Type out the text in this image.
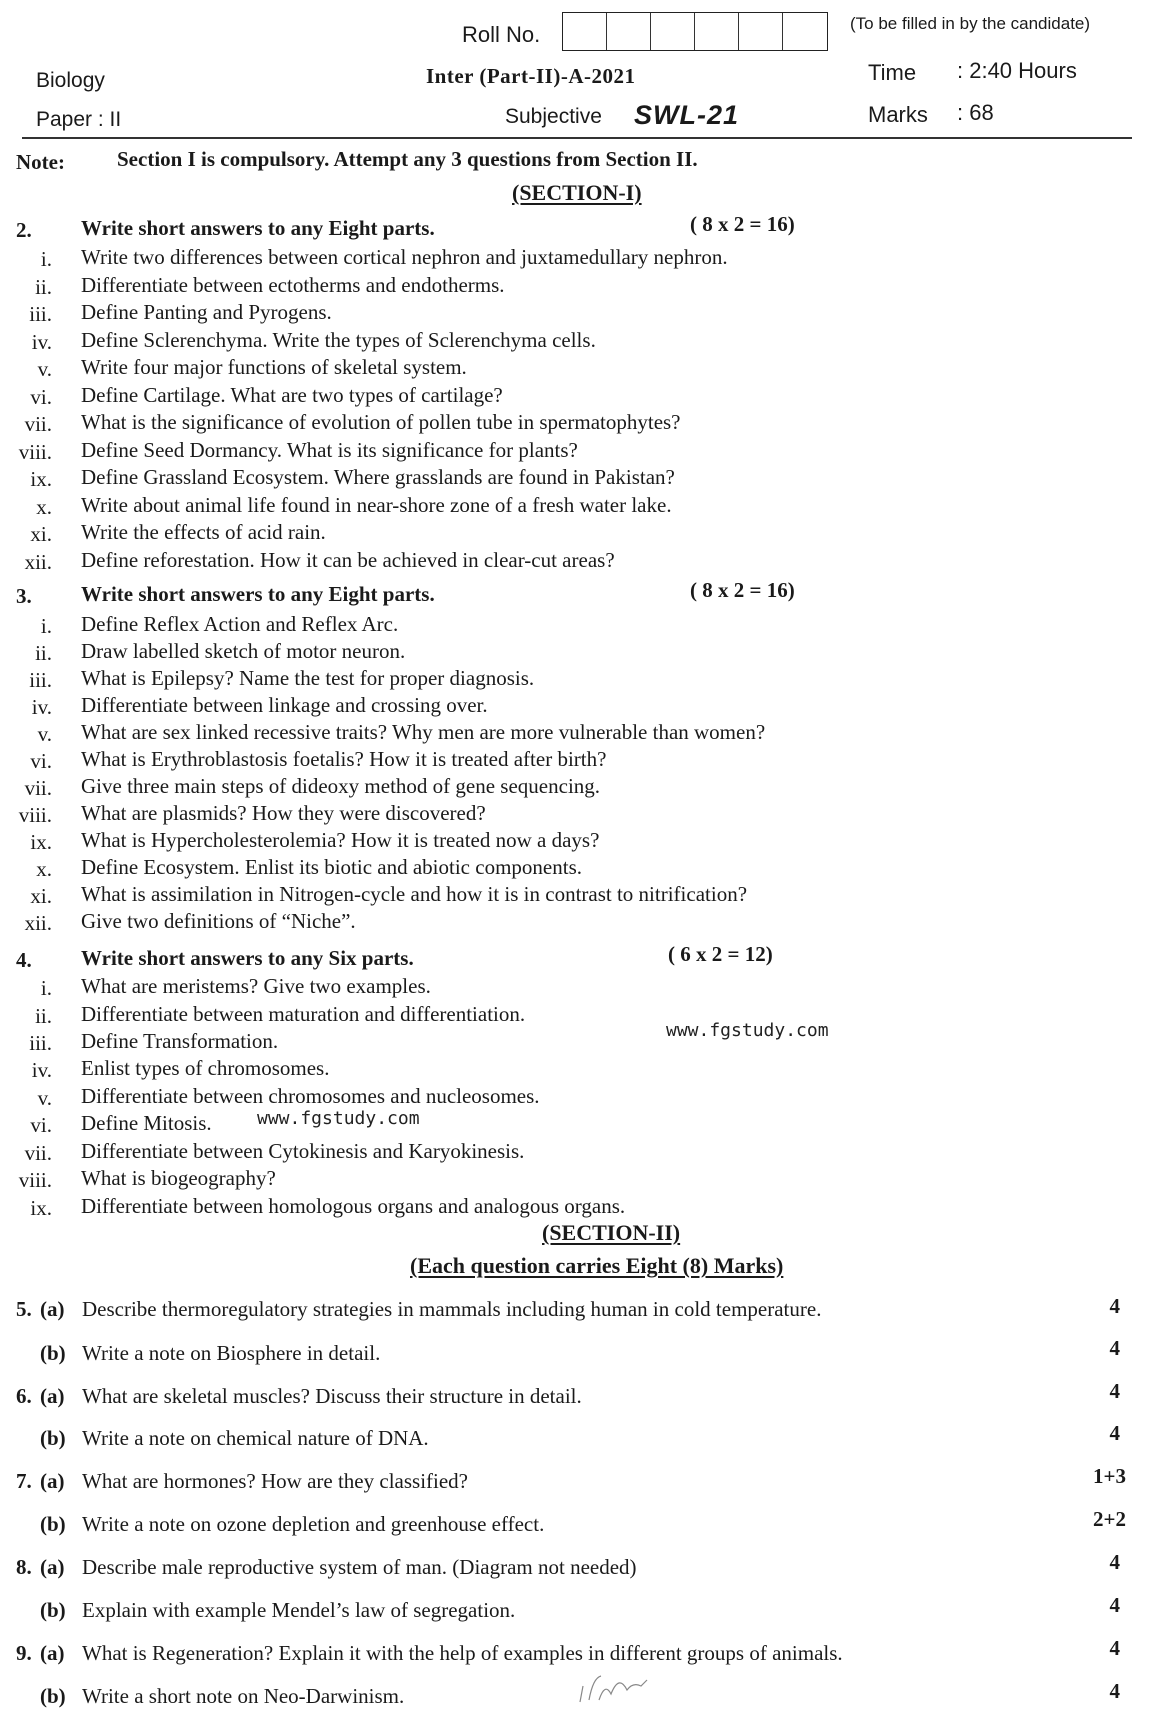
Roll No.	(To be filled in by the candidate)
Biology
Paper : II
Inter (Part-II)-A-2021
Subjective SWL-21
Time : 2:40 Hours
Marks : 68
Note: Section I is compulsory. Attempt any 3 questions from Section II.
(SECTION-I)
2. Write short answers to any Eight parts.	( 8 x 2 = 16)
i. Write two differences between cortical nephron and juxtamedullary nephron.
ii. Differentiate between ectotherms and endotherms.
iii. Define Panting and Pyrogens.
iv. Define Sclerenchyma. Write the types of Sclerenchyma cells.
v. Write four major functions of skeletal system.
vi. Define Cartilage. What are two types of cartilage?
vii. What is the significance of evolution of pollen tube in spermatophytes?
viii. Define Seed Dormancy. What is its significance for plants?
ix. Define Grassland Ecosystem. Where grasslands are found in Pakistan?
x. Write about animal life found in near-shore zone of a fresh water lake.
xi. Write the effects of acid rain.
xii. Define reforestation. How it can be achieved in clear-cut areas?
3. Write short answers to any Eight parts.	( 8 x 2 = 16)
i. Define Reflex Action and Reflex Arc.
ii. Draw labelled sketch of motor neuron.
iii. What is Epilepsy? Name the test for proper diagnosis.
iv. Differentiate between linkage and crossing over.
v. What are sex linked recessive traits? Why men are more vulnerable than women?
vi. What is Erythroblastosis foetalis? How it is treated after birth?
vii. Give three main steps of dideoxy method of gene sequencing.
viii. What are plasmids? How they were discovered?
ix. What is Hypercholesterolemia? How it is treated now a days?
x. Define Ecosystem. Enlist its biotic and abiotic components.
xi. What is assimilation in Nitrogen-cycle and how it is in contrast to nitrification?
xii. Give two definitions of “Niche”.
4. Write short answers to any Six parts.	( 6 x 2 = 12)
i. What are meristems? Give two examples.
ii. Differentiate between maturation and differentiation.
iii. Define Transformation.
iv. Enlist types of chromosomes.
v. Differentiate between chromosomes and nucleosomes.
vi. Define Mitosis.
vii. Differentiate between Cytokinesis and Karyokinesis.
viii. What is biogeography?
ix. Differentiate between homologous organs and analogous organs.
www.fgstudy.com
www.fgstudy.com
(SECTION-II)
(Each question carries Eight (8) Marks)
5. (a) Describe thermoregulatory strategies in mammals including human in cold temperature.	4
(b) Write a note on Biosphere in detail.	4
6. (a) What are skeletal muscles? Discuss their structure in detail.	4
(b) Write a note on chemical nature of DNA.	4
7. (a) What are hormones? How are they classified?	1+3
(b) Write a note on ozone depletion and greenhouse effect.	2+2
8. (a) Describe male reproductive system of man. (Diagram not needed)	4
(b) Explain with example Mendel’s law of segregation.	4
9. (a) What is Regeneration? Explain it with the help of examples in different groups of animals.	4
(b) Write a short note on Neo-Darwinism.	4
